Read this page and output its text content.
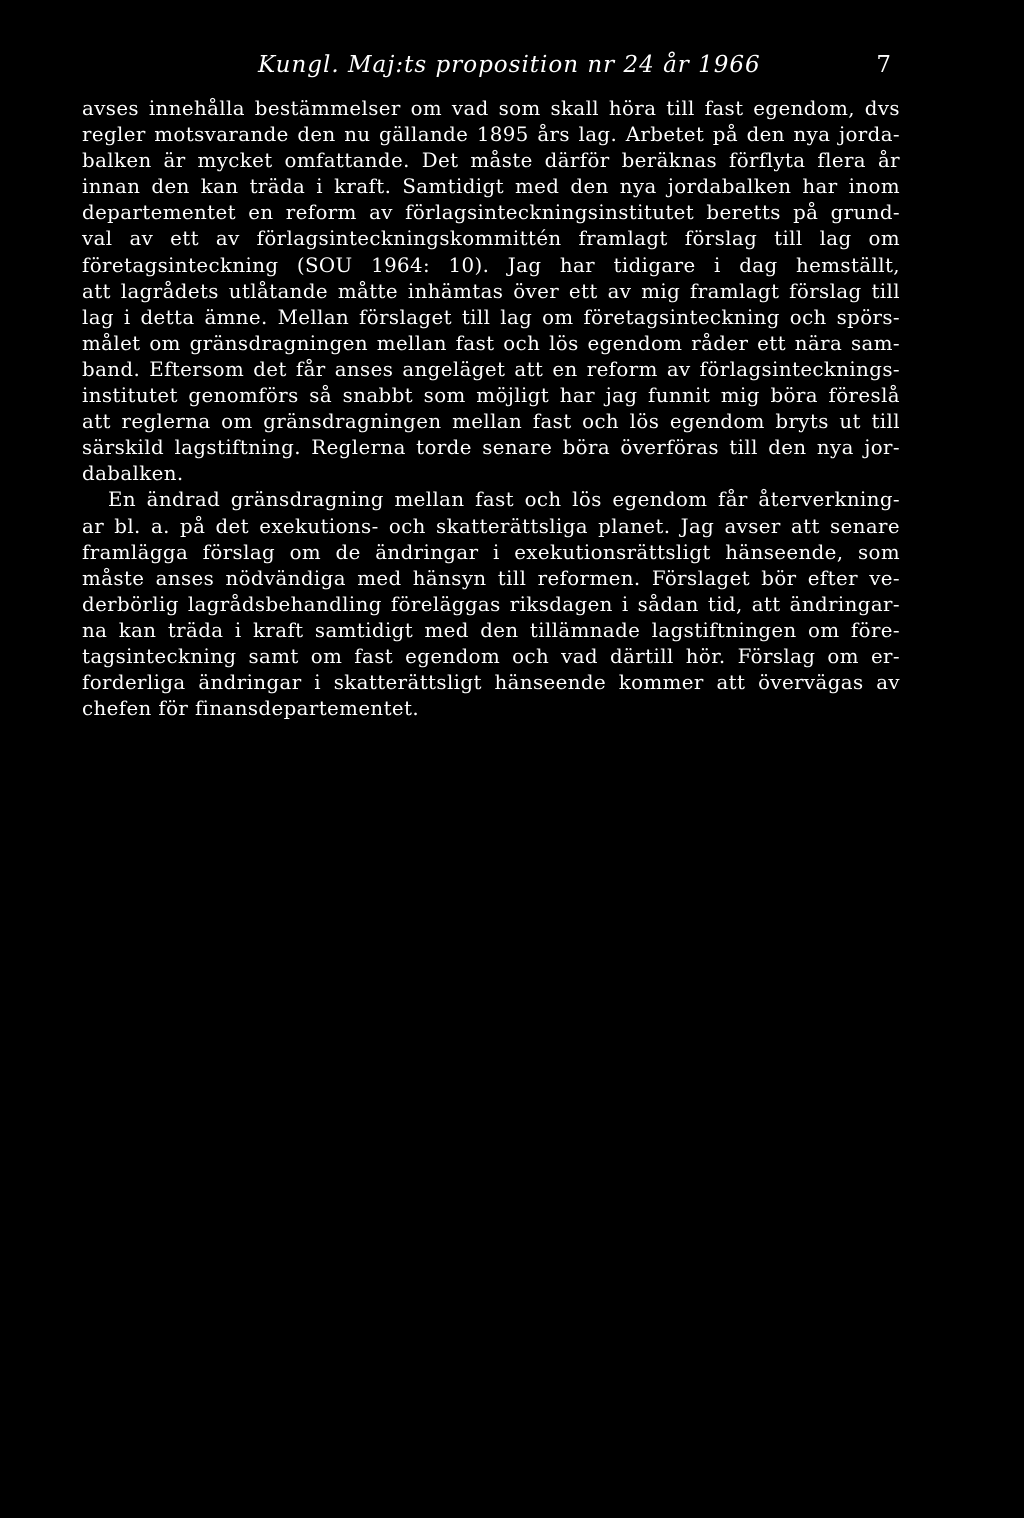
Kungl. Maj:ts proposition nr 24 år 1966	7
avses innehålla bestämmelser om vad som skall höra till fast egendom, dvs
regler motsvarande den nu gällande 1895 års lag. Arbetet på den nya jorda-
balken är mycket omfattande. Det måste därför beräknas förflyta flera år
innan den kan träda i kraft. Samtidigt med den nya jordabalken har inom
departementet en reform av förlagsinteckningsinstitutet beretts på grund-
val av ett av förlagsinteckningskommittén framlagt förslag till lag om
företagsinteckning (SOU 1964: 10). Jag har tidigare i dag hemställt,
att lagrådets utlåtande måtte inhämtas över ett av mig framlagt förslag till
lag i detta ämne. Mellan förslaget till lag om företagsinteckning och spörs-
målet om gränsdragningen mellan fast och lös egendom råder ett nära sam-
band. Eftersom det får anses angeläget att en reform av förlagsintecknings-
institutet genomförs så snabbt som möjligt har jag funnit mig böra föreslå
att reglerna om gränsdragningen mellan fast och lös egendom bryts ut till
särskild lagstiftning. Reglerna torde senare böra överföras till den nya jor-
dabalken.
En ändrad gränsdragning mellan fast och lös egendom får återverkning-
ar bl. a. på det exekutions- och skatterättsliga planet. Jag avser att senare
framlägga förslag om de ändringar i exekutionsrättsligt hänseende, som
måste anses nödvändiga med hänsyn till reformen. Förslaget bör efter ve-
derbörlig lagrådsbehandling föreläggas riksdagen i sådan tid, att ändringar-
na kan träda i kraft samtidigt med den tillämnade lagstiftningen om före-
tagsinteckning samt om fast egendom och vad därtill hör. Förslag om er-
forderliga ändringar i skatterättsligt hänseende kommer att övervägas av
chefen för finansdepartementet.
